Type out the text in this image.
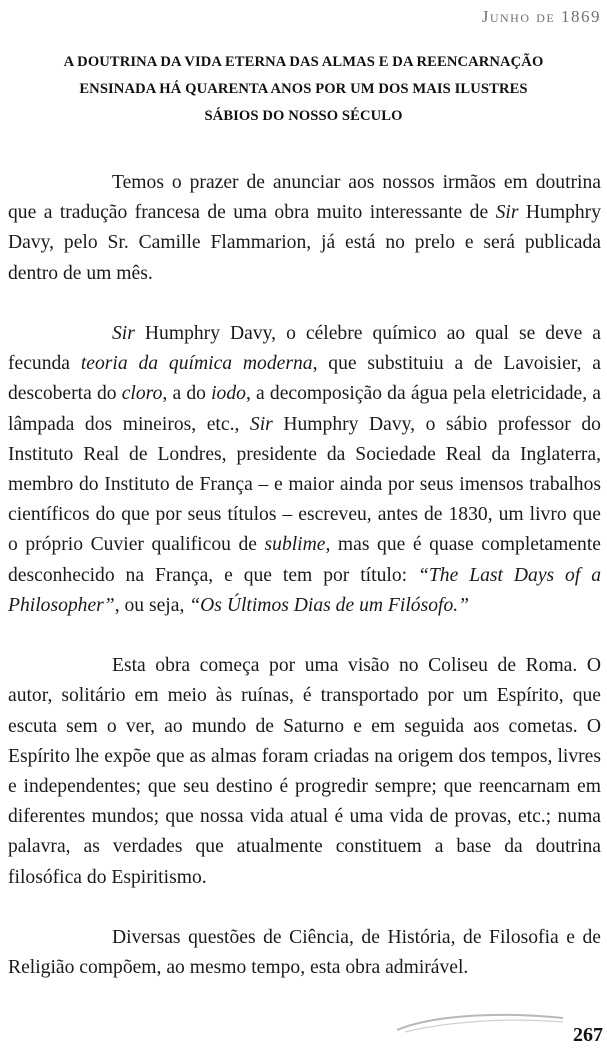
Junho de 1869
A DOUTRINA DA VIDA ETERNA DAS ALMAS E DA REENCARNAÇÃO
ENSINADA HÁ QUARENTA ANOS POR UM DOS MAIS ILUSTRES
SÁBIOS DO NOSSO SÉCULO

Temos o prazer de anunciar aos nossos irmãos em doutrina que a tradução francesa de uma obra muito interessante de Sir Humphry Davy, pelo Sr. Camille Flammarion, já está no prelo e será publicada dentro de um mês.

Sir Humphry Davy, o célebre químico ao qual se deve a fecunda teoria da química moderna, que substituiu a de Lavoisier, a descoberta do cloro, a do iodo, a decomposição da água pela eletricidade, a lâmpada dos mineiros, etc., Sir Humphry Davy, o sábio professor do Instituto Real de Londres, presidente da Sociedade Real da Inglaterra, membro do Instituto de França – e maior ainda por seus imensos trabalhos científicos do que por seus títulos – escreveu, antes de 1830, um livro que o próprio Cuvier qualificou de sublime, mas que é quase completamente desconhecido na França, e que tem por título: “The Last Days of a Philosopher”, ou seja, “Os Últimos Dias de um Filósofo.”

Esta obra começa por uma visão no Coliseu de Roma. O autor, solitário em meio às ruínas, é transportado por um Espírito, que escuta sem o ver, ao mundo de Saturno e em seguida aos cometas. O Espírito lhe expõe que as almas foram criadas na origem dos tempos, livres e independentes; que seu destino é progredir sempre; que reencarnam em diferentes mundos; que nossa vida atual é uma vida de provas, etc.; numa palavra, as verdades que atualmente constituem a base da doutrina filosófica do Espiritismo.

Diversas questões de Ciência, de História, de Filosofia e de Religião compõem, ao mesmo tempo, esta obra admirável.

267
